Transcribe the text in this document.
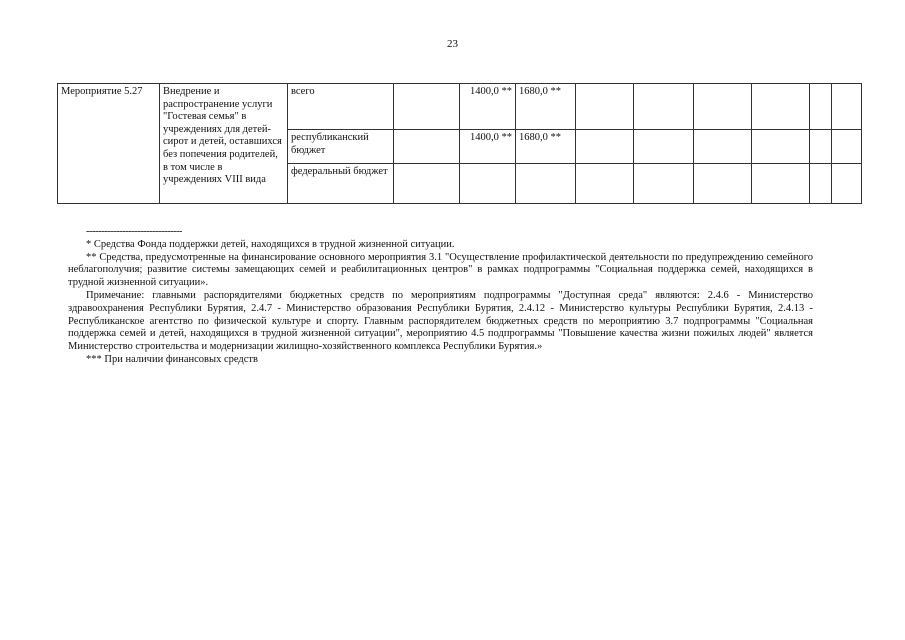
23
Мероприятие 5.27	Внедрение и распространение услуги "Гостевая семья" в учреждениях для детей-сирот и детей, оставшихся без попечения родителей, в том числе в учреждениях VIII вида	всего		1400,0 **	1680,0 **						
		республиканский бюджет		1400,0 **	1680,0 **						
		федеральный бюджет									

--------------------------------

* Средства Фонда поддержки детей, находящихся в трудной жизненной ситуации.

** Средства, предусмотренные на финансирование основного мероприятия 3.1 "Осуществление профилактической деятельности по предупреждению семейного неблагополучия; развитие системы замещающих семей и реабилитационных центров" в рамках подпрограммы "Социальная поддержка семей, находящихся в трудной жизненной ситуации».

Примечание: главными распорядителями бюджетных средств по мероприятиям подпрограммы "Доступная среда" являются: 2.4.6 - Министерство здравоохранения Республики Бурятия, 2.4.7 - Министерство образования Республики Бурятия, 2.4.12 - Министерство культуры Республики Бурятия, 2.4.13 - Республиканское агентство по физической культуре и спорту. Главным распорядителем бюджетных средств по мероприятию 3.7 подпрограммы "Социальная поддержка семей и детей, находящихся в трудной жизненной ситуации", мероприятию 4.5 подпрограммы "Повышение качества жизни пожилых людей" является Министерство строительства и модернизации жилищно-хозяйственного комплекса Республики Бурятия.»

*** При наличии финансовых средств
